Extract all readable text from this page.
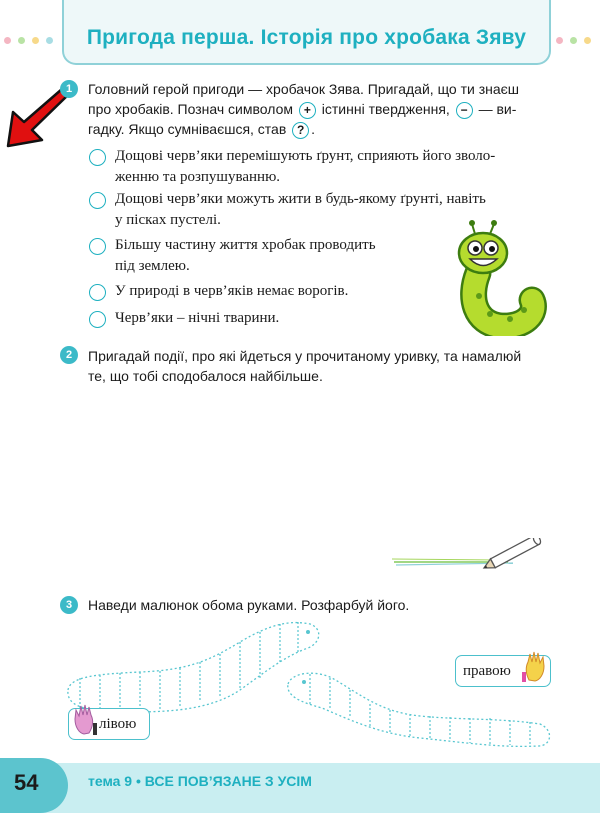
Пригода перша. Історія про хробака Зяву
1	Головний герой пригоди — хробачок Зява. Пригадай, що ти знаєш
про хробаків. Познач символом + істинні твердження, − — ви-
гадку. Якщо сумніваєшся, став ? .
Дощові черв’яки перемішують ґрунт, сприяють його зволо-
женню та розпушуванню.
Дощові черв’яки можуть жити в будь-якому ґрунті, навіть
у пісках пустелі.
Більшу частину життя хробак проводить
під землею.
У природі в черв’яків немає ворогів.
Черв’яки – нічні тварини.
2	Пригадай події, про які йдеться у прочитаному уривку, та намалюй
те, що тобі сподобалося найбільше.
3	Наведи малюнок обома руками. Розфарбуй його.
правою
лівою
54	тема 9 • ВСЕ ПОВ’ЯЗАНЕ З УСІМ
